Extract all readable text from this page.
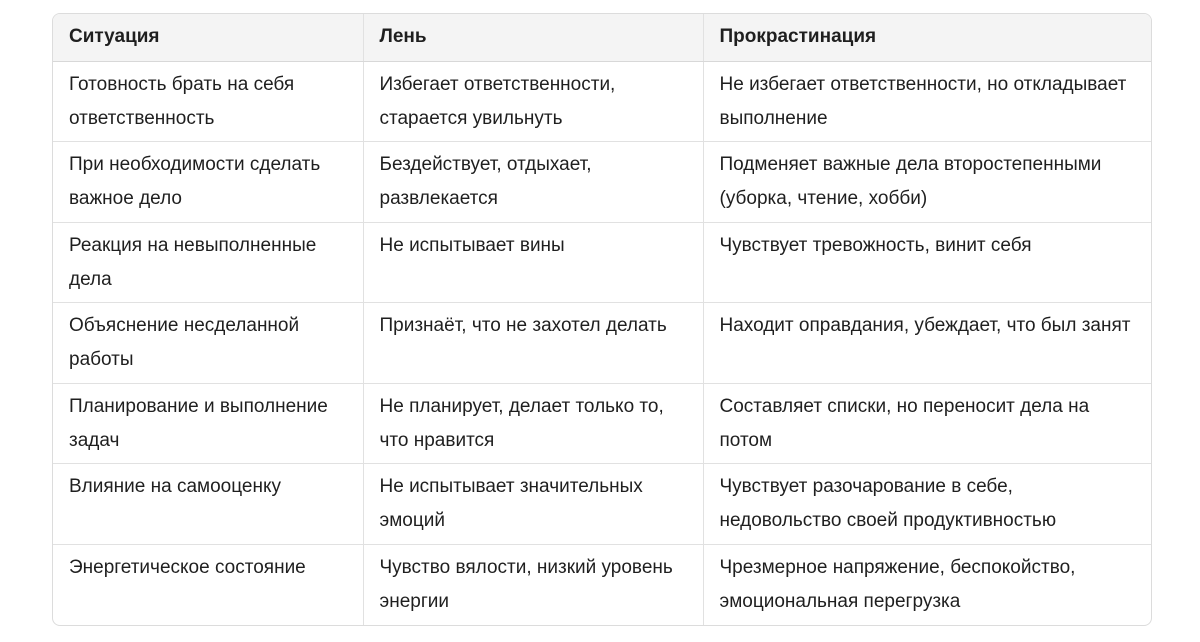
Ситуация	Лень	Прокрастинация
Готовность брать на себя ответственность	Избегает ответственности, старается увильнуть	Не избегает ответственности, но откладывает выполнение
При необходимости сделать важное дело	Бездействует, отдыхает, развлекается	Подменяет важные дела второстепенными (уборка, чтение, хобби)
Реакция на невыполненные дела	Не испытывает вины	Чувствует тревожность, винит себя
Объяснение несделанной работы	Признаёт, что не захотел делать	Находит оправдания, убеждает, что был занят
Планирование и выполнение задач	Не планирует, делает только то, что нравится	Составляет списки, но переносит дела на потом
Влияние на самооценку	Не испытывает значительных эмоций	Чувствует разочарование в себе, недовольство своей продуктивностью
Энергетическое состояние	Чувство вялости, низкий уровень энергии	Чрезмерное напряжение, беспокойство, эмоциональная перегрузка
